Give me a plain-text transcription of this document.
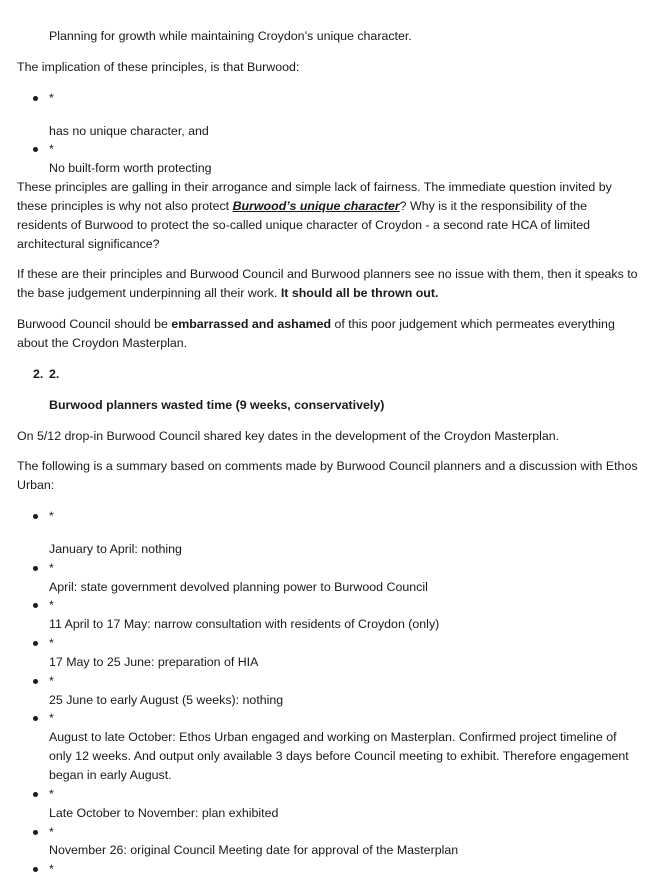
Planning for growth while maintaining Croydon’s unique character.

The implication of these principles, is that Burwood:

*

has no unique character, and

*

No built-form worth protecting

These principles are galling in their arrogance and simple lack of fairness. The immediate question invited by these principles is why not also protect Burwood’s unique character? Why is it the responsibility of the residents of Burwood to protect the so-called unique character of Croydon - a second rate HCA of limited architectural significance?

If these are their principles and Burwood Council and Burwood planners see no issue with them, then it speaks to the base judgement underpinning all their work. It should all be thrown out.

Burwood Council should be embarrassed and ashamed of this poor judgement which permeates everything about the Croydon Masterplan.

2. 2.

Burwood planners wasted time (9 weeks, conservatively)

On 5/12 drop-in Burwood Council shared key dates in the development of the Croydon Masterplan.

The following is a summary based on comments made by Burwood Council planners and a discussion with Ethos Urban:

*

January to April: nothing

*

April: state government devolved planning power to Burwood Council

*

11 April to 17 May: narrow consultation with residents of Croydon (only)

*

17 May to 25 June: preparation of HIA

*

25 June to early August (5 weeks): nothing

*

August to late October: Ethos Urban engaged and working on Masterplan. Confirmed project timeline of only 12 weeks. And output only available 3 days before Council meeting to exhibit. Therefore engagement began in early August.

*

Late October to November: plan exhibited

*

November 26: original Council Meeting date for approval of the Masterplan

*
